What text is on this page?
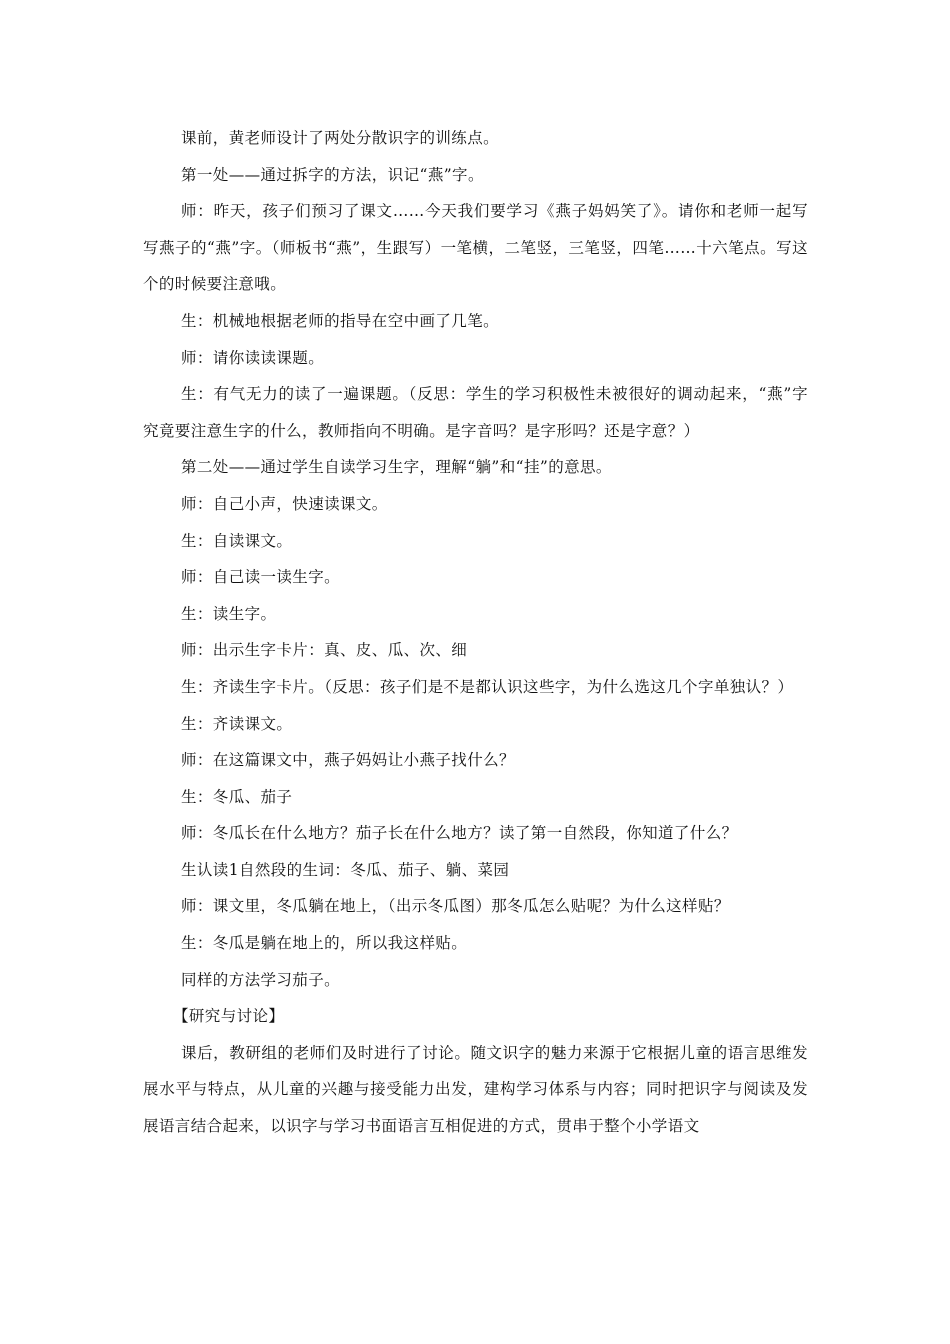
课前，黄老师设计了两处分散识字的训练点。

第一处——通过拆字的方法，识记“燕”字。

师：昨天，孩子们预习了课文……今天我们要学习《燕子妈妈笑了》。请你和老师一起写写燕子的“燕”字。（师板书“燕”，生跟写）一笔横，二笔竖，三笔竖，四笔……十六笔点。写这个的时候要注意哦。

生：机械地根据老师的指导在空中画了几笔。

师：请你读读课题。

生：有气无力的读了一遍课题。（反思：学生的学习积极性未被很好的调动起来，“燕”字究竟要注意生字的什么，教师指向不明确。是字音吗？是字形吗？还是字意？）

第二处——通过学生自读学习生字，理解“躺”和“挂”的意思。

师：自己小声，快速读课文。

生：自读课文。

师：自己读一读生字。

生：读生字。

师：出示生字卡片：真、皮、瓜、次、细

生：齐读生字卡片。（反思：孩子们是不是都认识这些字，为什么选这几个字单独认？）

生：齐读课文。

师：在这篇课文中，燕子妈妈让小燕子找什么？

生：冬瓜、茄子

师：冬瓜长在什么地方？茄子长在什么地方？读了第一自然段，你知道了什么？

生认读1自然段的生词：冬瓜、茄子、躺、菜园

师：课文里，冬瓜躺在地上，（出示冬瓜图）那冬瓜怎么贴呢？为什么这样贴？

生：冬瓜是躺在地上的，所以我这样贴。

同样的方法学习茄子。

【研究与讨论】

课后，教研组的老师们及时进行了讨论。随文识字的魅力来源于它根据儿童的语言思维发展水平与特点，从儿童的兴趣与接受能力出发，建构学习体系与内容；同时把识字与阅读及发展语言结合起来，以识字与学习书面语言互相促进的方式，贯串于整个小学语文
